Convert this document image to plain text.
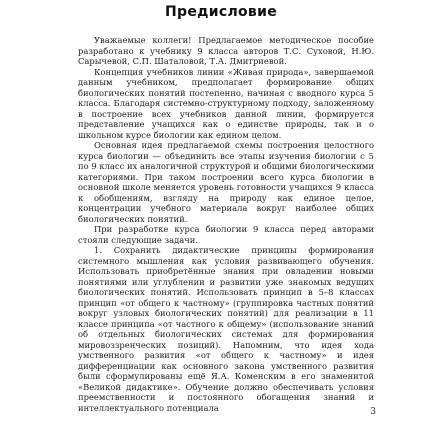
Предисловие

Уважаемые коллеги! Предлагаемое методическое пособие разработано к учебнику 9 класса авторов Т.С. Суховой, Н.Ю. Сарычевой, С.П. Шаталовой, Т.А. Дмитриевой.

Концепция учебников линии «Живая природа», завершаемой данным учебником, предполагает формирование общих биологических понятий постепенно, начиная с вводного курса 5 класса. Благодаря системно-структурному подходу, заложенному в построение всех учебников данной линии, формируется представление учащихся как о единстве природы, так и о школьном курсе биологии как едином целом.

Основная идея предлагаемой схемы построения целостного курса биологии — объединить все этапы изучения биологии с 5 по 9 класс их аналогичной структурой и общими биологическими категориями. При таком построении всего курса биологии в основной школе меняется уровень готовности учащихся 9 класса к обобщениям, взгляду на природу как единое целое, концентрации учебного материала вокруг наиболее общих биологических понятий.

При разработке курса биологии 9 класса перед авторами стояли следующие задачи.

1. Сохранить дидактические принципы формирования системного мышления как условия развивающего обучения. Использовать приобретённые знания при овладении новыми понятиями или углублении и развитии уже знакомых ведущих биологических понятий. Использовать принцип в 5–8 классах принцип «от общего к частному» (группировка частных понятий вокруг узловых биологических понятий) для реализации в 11 классе принципа «от частного к общему» (использование знаний об отдельных биологических системах для формирования мировоззренческих позиций). Напомним, что идея хода умственного развития «от общего к частному» и идея дифференциации как основного закона умственного развития были сформулированы ещё Я.А. Коменским в его знаменитой «Великой дидактике». Обучение должно обеспечивать условия преемственности и постоянного обогащения знаний и интеллектуального потенциала	3
